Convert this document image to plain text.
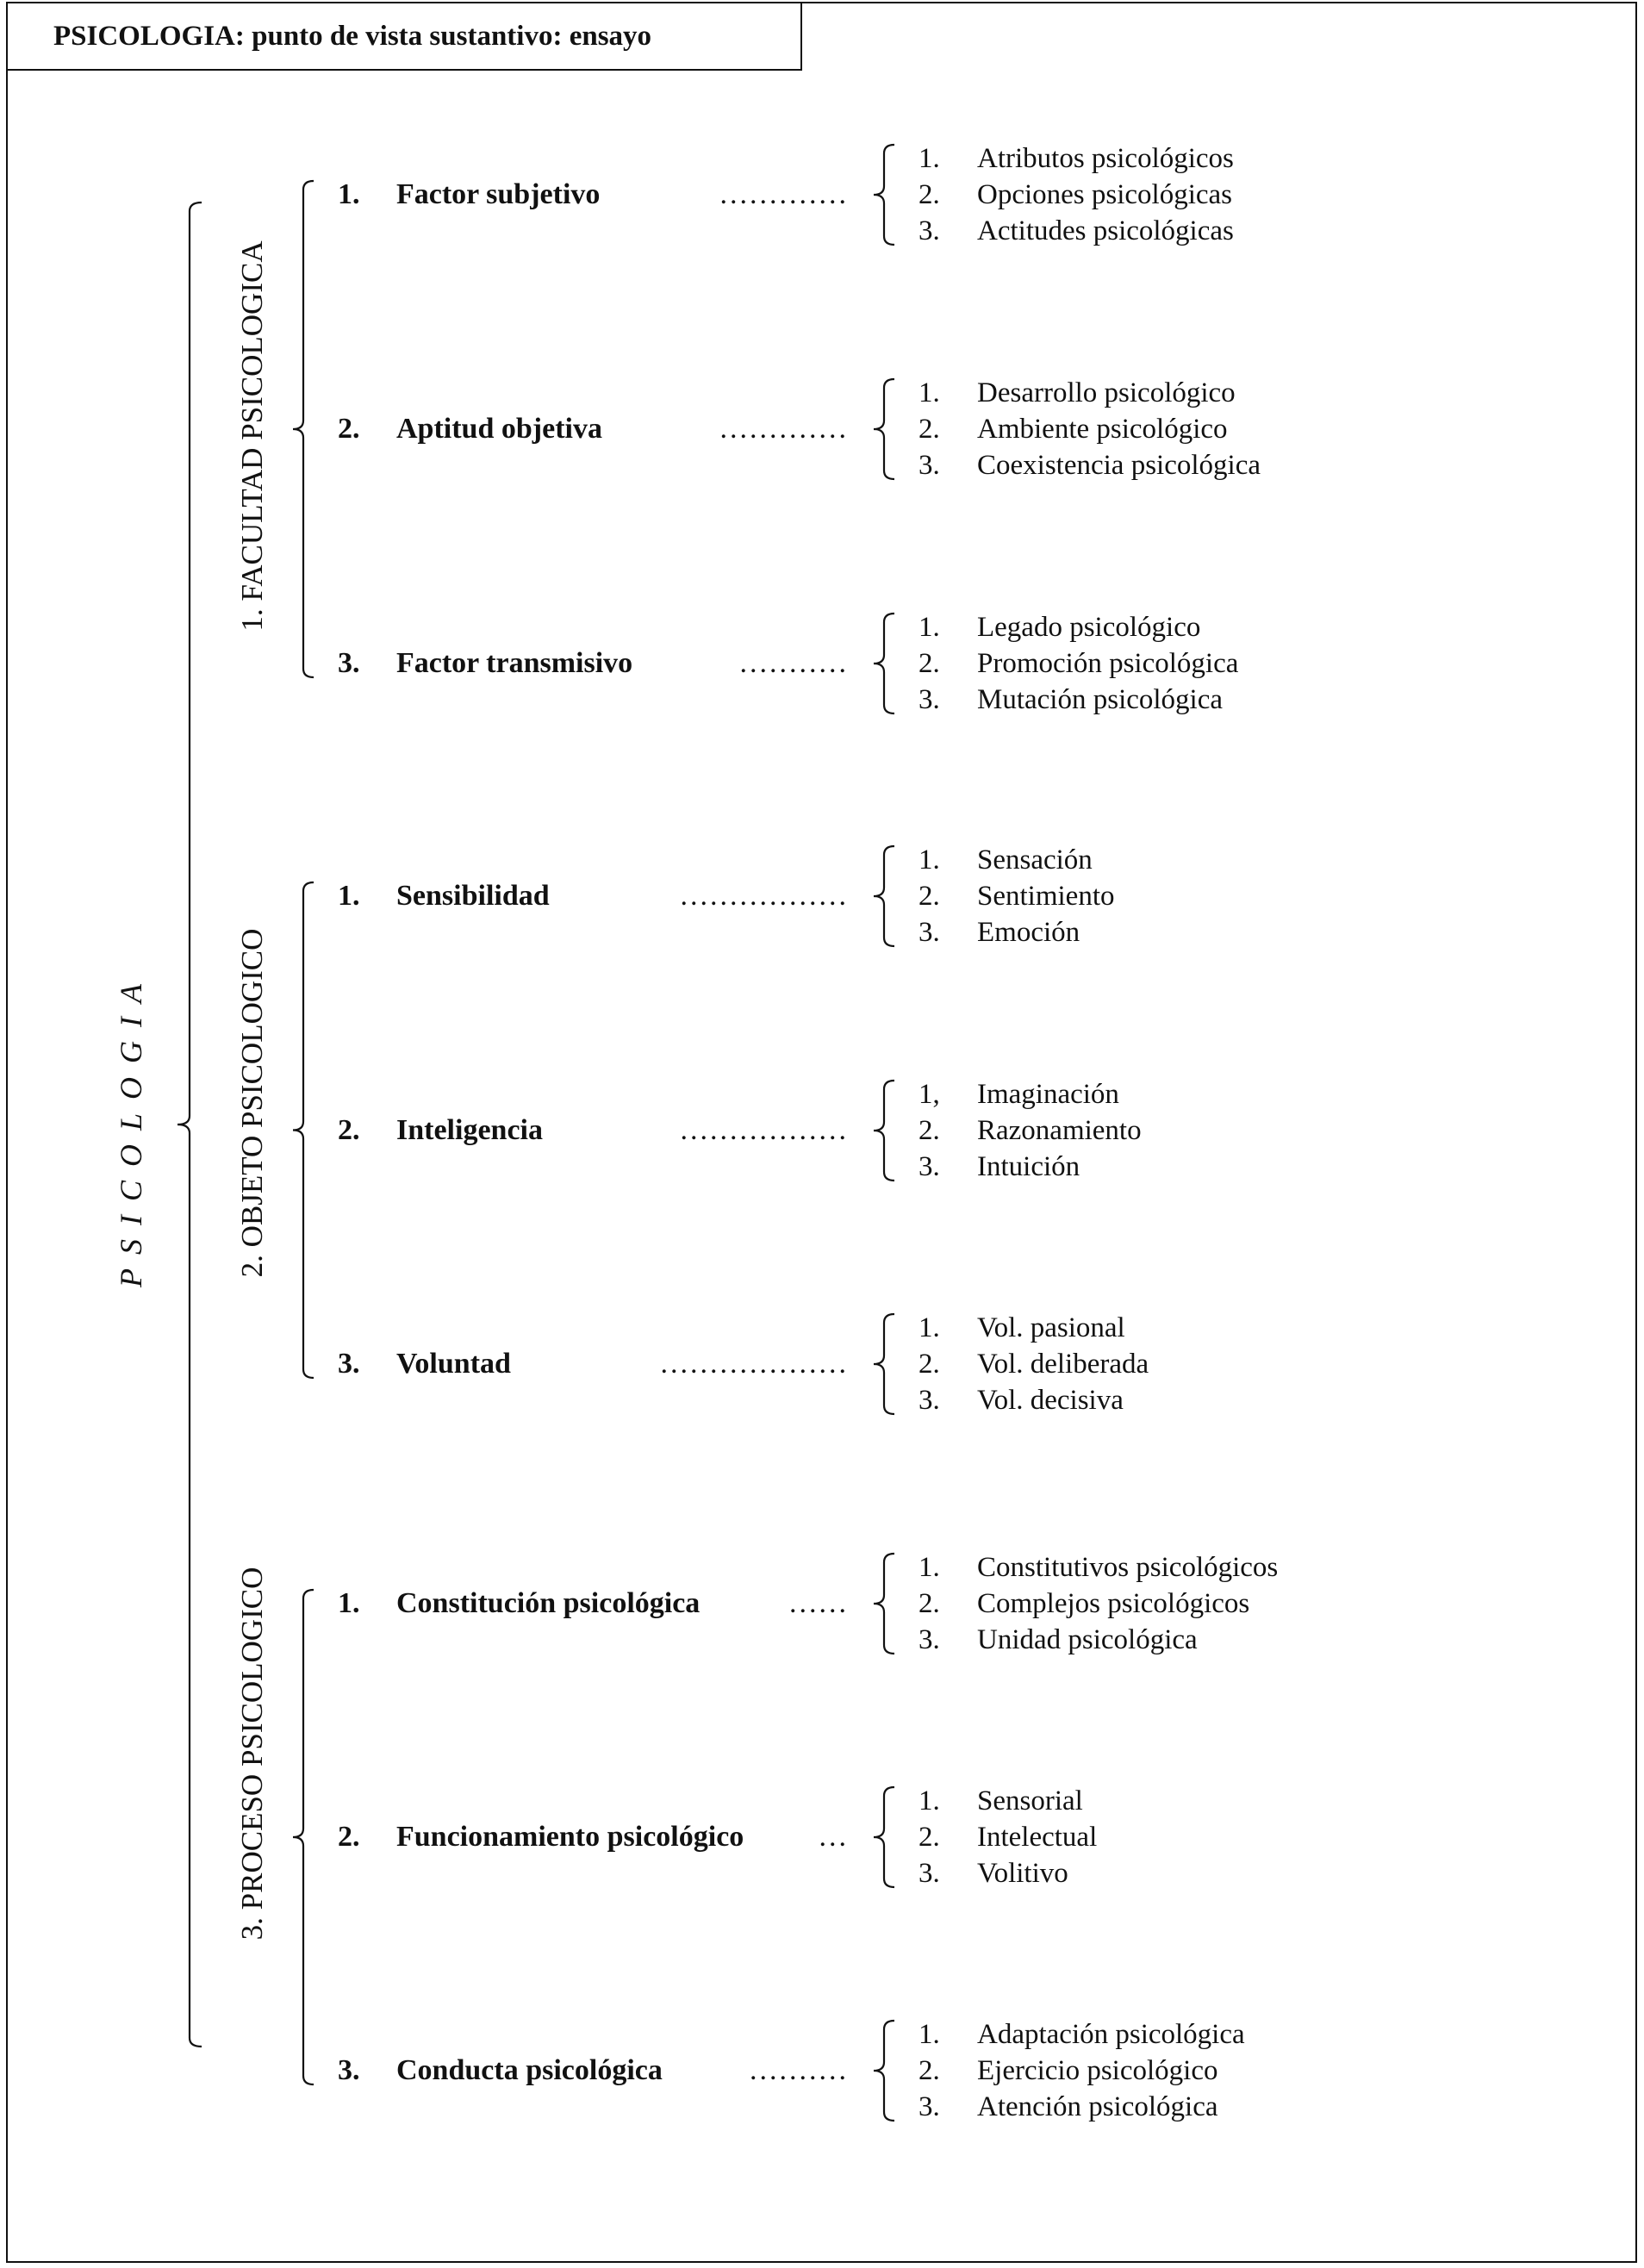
PSICOLOGIA: punto de vista sustantivo: ensayo
PSICOLOGIA
1. FACULTAD PSICOLOGICA
1. Factor subjetivo	.............
1. Atributos psicológicos
2. Opciones psicológicas
3. Actitudes psicológicas
2. Aptitud objetiva	.............
1. Desarrollo psicológico
2. Ambiente psicológico
3. Coexistencia psicológica
3. Factor transmisivo	...........
1. Legado psicológico
2. Promoción psicológica
3. Mutación psicológica
2. OBJETO PSICOLOGICO
1. Sensibilidad	.................
1. Sensación
2. Sentimiento
3. Emoción
2. Inteligencia	.................
1, Imaginación
2. Razonamiento
3. Intuición
3. Voluntad	...................
1. Vol. pasional
2. Vol. deliberada
3. Vol. decisiva
3. PROCESO PSICOLOGICO 1. Constitución psicológica	......
1. Constitutivos psicológicos
2. Complejos psicológicos
3. Unidad psicológica
2. Funcionamiento psicológico	...
1. Sensorial
2. Intelectual
3. Volitivo
3. Conducta psicológica	..........
1. Adaptación psicológica
2. Ejercicio psicológico
3. Atención psicológica
